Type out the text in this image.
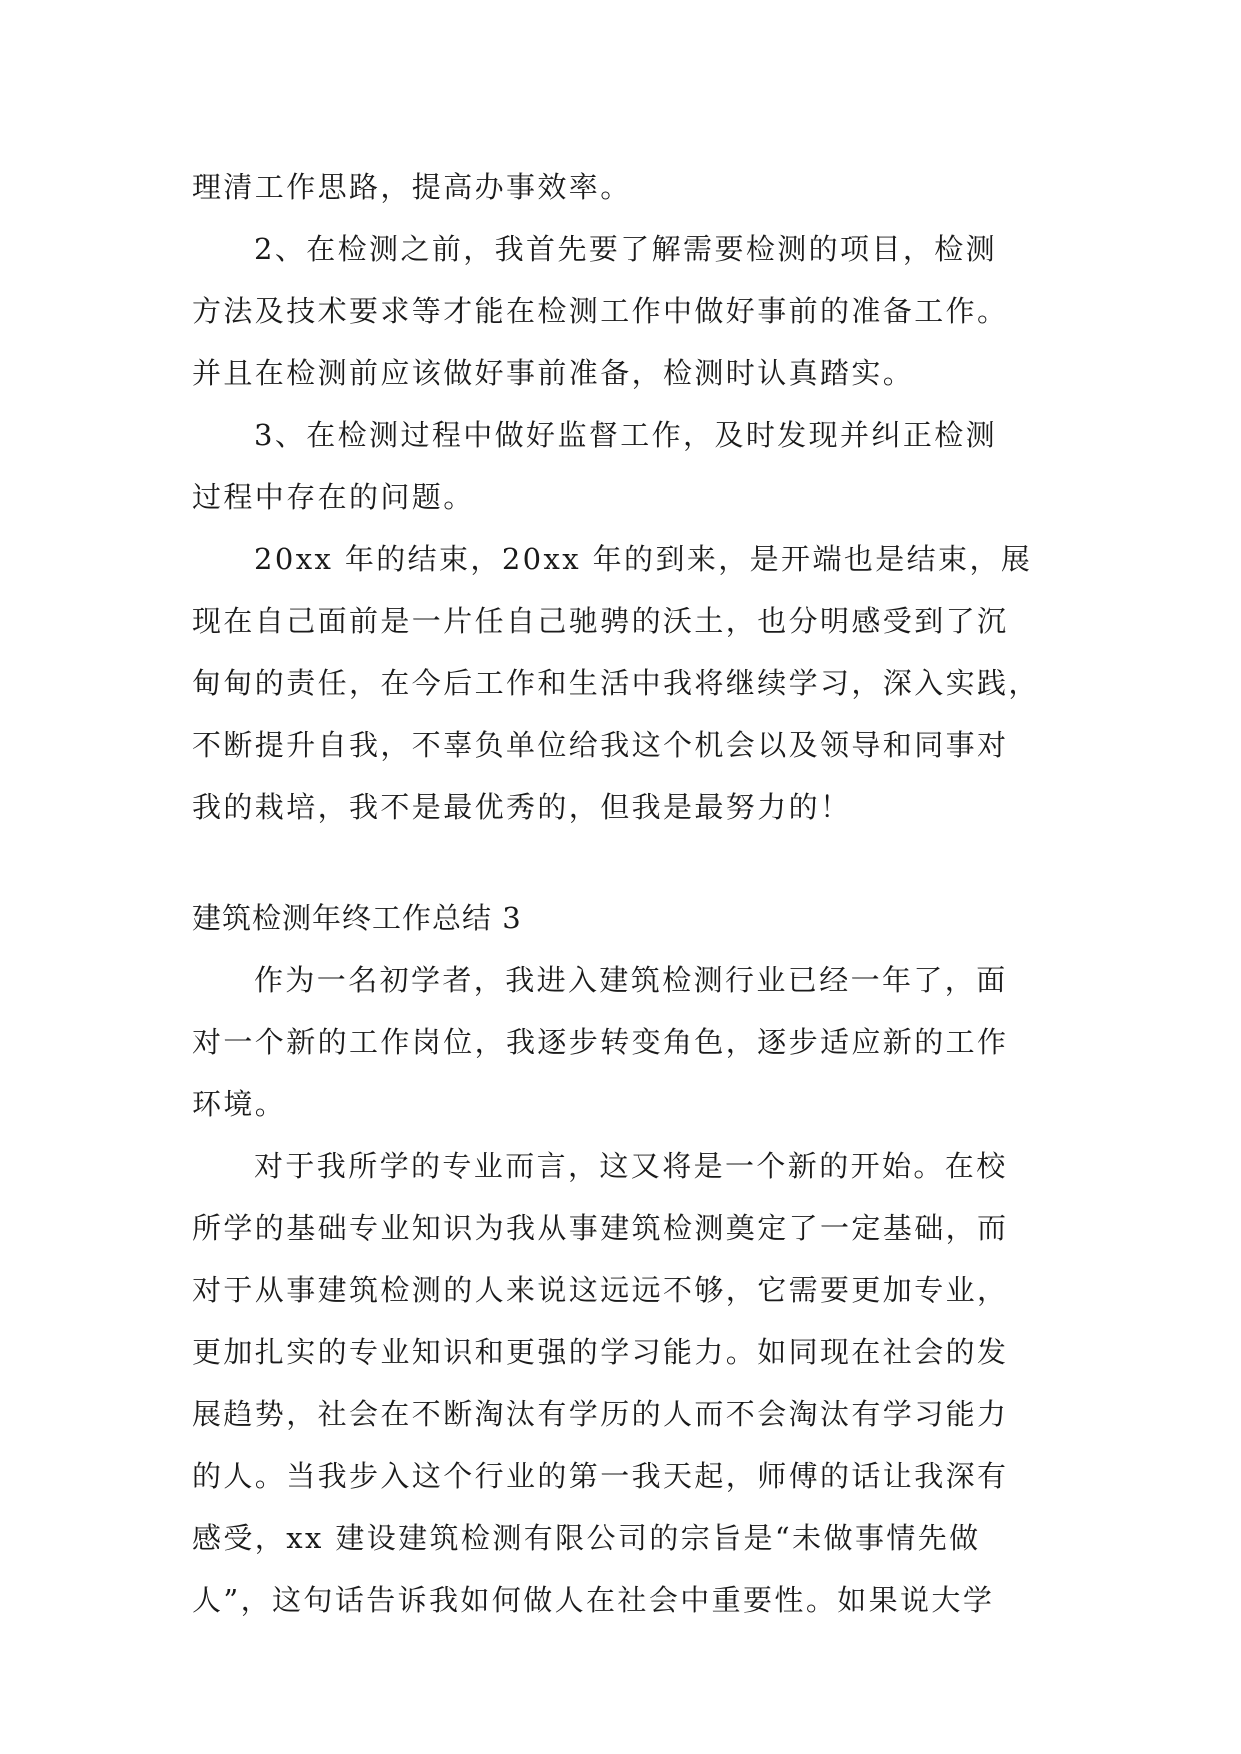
理清工作思路，提高办事效率。
2、在检测之前，我首先要了解需要检测的项目，检测
方法及技术要求等才能在检测工作中做好事前的准备工作。
并且在检测前应该做好事前准备，检测时认真踏实。
3、在检测过程中做好监督工作，及时发现并纠正检测
过程中存在的问题。
20xx 年的结束，20xx 年的到来，是开端也是结束，展
现在自己面前是一片任自己驰骋的沃土，也分明感受到了沉
甸甸的责任，在今后工作和生活中我将继续学习，深入实践，
不断提升自我，不辜负单位给我这个机会以及领导和同事对
我的栽培，我不是最优秀的，但我是最努力的！
建筑检测年终工作总结 3
作为一名初学者，我进入建筑检测行业已经一年了，面
对一个新的工作岗位，我逐步转变角色，逐步适应新的工作
环境。
对于我所学的专业而言，这又将是一个新的开始。在校
所学的基础专业知识为我从事建筑检测奠定了一定基础，而
对于从事建筑检测的人来说这远远不够，它需要更加专业，
更加扎实的专业知识和更强的学习能力。如同现在社会的发
展趋势，社会在不断淘汰有学历的人而不会淘汰有学习能力
的人。当我步入这个行业的第一我天起，师傅的话让我深有
感受，xx 建设建筑检测有限公司的宗旨是“未做事情先做
人”，这句话告诉我如何做人在社会中重要性。如果说大学
